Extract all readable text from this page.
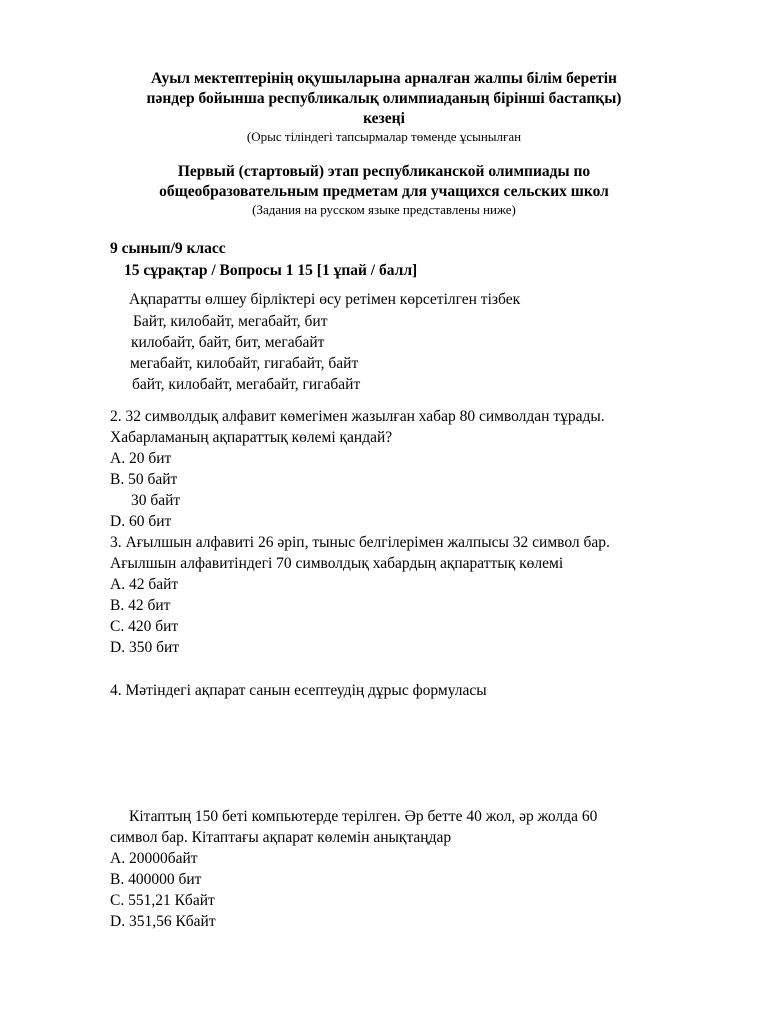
Ауыл мектептерінің оқушыларына арналған жалпы білім беретін
пәндер бойынша республикалық олимпиаданың бірінші бастапқы)
кезеңі
(Орыс тіліндегі тапсырмалар төменде ұсынылған
Первый (стартовый) этап республиканской олимпиады по
общеобразовательным предметам для учащихся сельских школ
(Задания на русском языке представлены ниже)
9 сынып/9 класс
15 сұрақтар / Вопросы 1 15 [1 ұпай / балл]
Ақпаратты өлшеу бірліктері өсу ретімен көрсетілген тізбек
Байт, килобайт, мегабайт, бит
килобайт, байт, бит, мегабайт
мегабайт, килобайт, гигабайт, байт
байт, килобайт, мегабайт, гигабайт
2. 32 символдық алфавит көмегімен жазылған хабар 80 символдан тұрады.
Хабарламаның ақпараттық көлемі қандай?
A. 20 бит
B. 50 байт
30 байт
D. 60 бит
3. Ағылшын алфавиті 26 әріп, тыныс белгілерімен жалпысы 32 символ бар.
Ағылшын алфавитіндегі 70 символдық хабардың ақпараттық көлемі
A. 42 байт
B. 42 бит
C. 420 бит
D. 350 бит
4. Мәтіндегі ақпарат санын есептеудің дұрыс формуласы
Кітаптың 150 беті компьютерде терілген. Әр бетте 40 жол, әр жолда 60
символ бар. Кітаптағы ақпарат көлемін анықтаңдар
A. 20000байт
B. 400000 бит
C. 551,21 Кбайт
D. 351,56 Кбайт
